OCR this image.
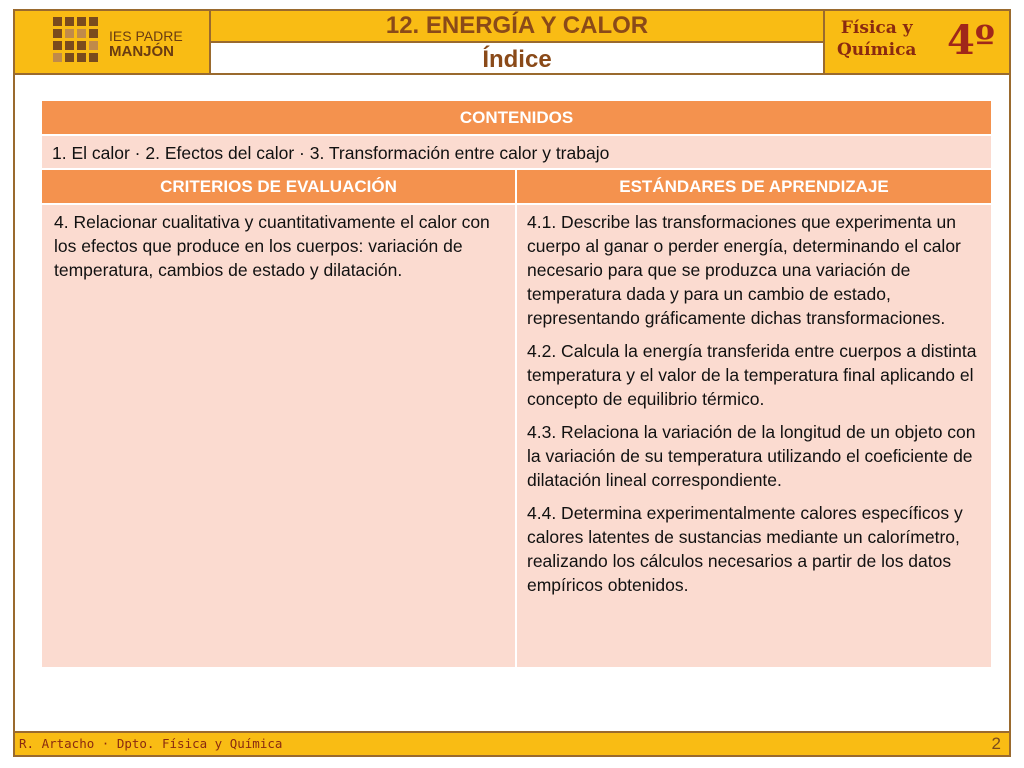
IES PADRE
MANJÓN
12. ENERGÍA Y CALOR
Índice
Física y
Química 4º
CONTENIDOS
1. El calor · 2. Efectos del calor · 3. Transformación entre calor y trabajo
CRITERIOS DE EVALUACIÓN	ESTÁNDARES DE APRENDIZAJE
4. Relacionar cualitativa y cuantitativamente el calor con los efectos que produce en los cuerpos: variación de temperatura, cambios de estado y dilatación.

4.1. Describe las transformaciones que experimenta un cuerpo al ganar o perder energía, determinando el calor necesario para que se produzca una variación de temperatura dada y para un cambio de estado, representando gráficamente dichas transformaciones.

4.2. Calcula la energía transferida entre cuerpos a distinta temperatura y el valor de la temperatura final aplicando el concepto de equilibrio térmico.

4.3. Relaciona la variación de la longitud de un objeto con la variación de su temperatura utilizando el coeficiente de dilatación lineal correspondiente.

4.4. Determina experimentalmente calores específicos y calores latentes de sustancias mediante un calorímetro, realizando los cálculos necesarios a partir de los datos empíricos obtenidos.

R. Artacho · Dpto. Física y Química	2
